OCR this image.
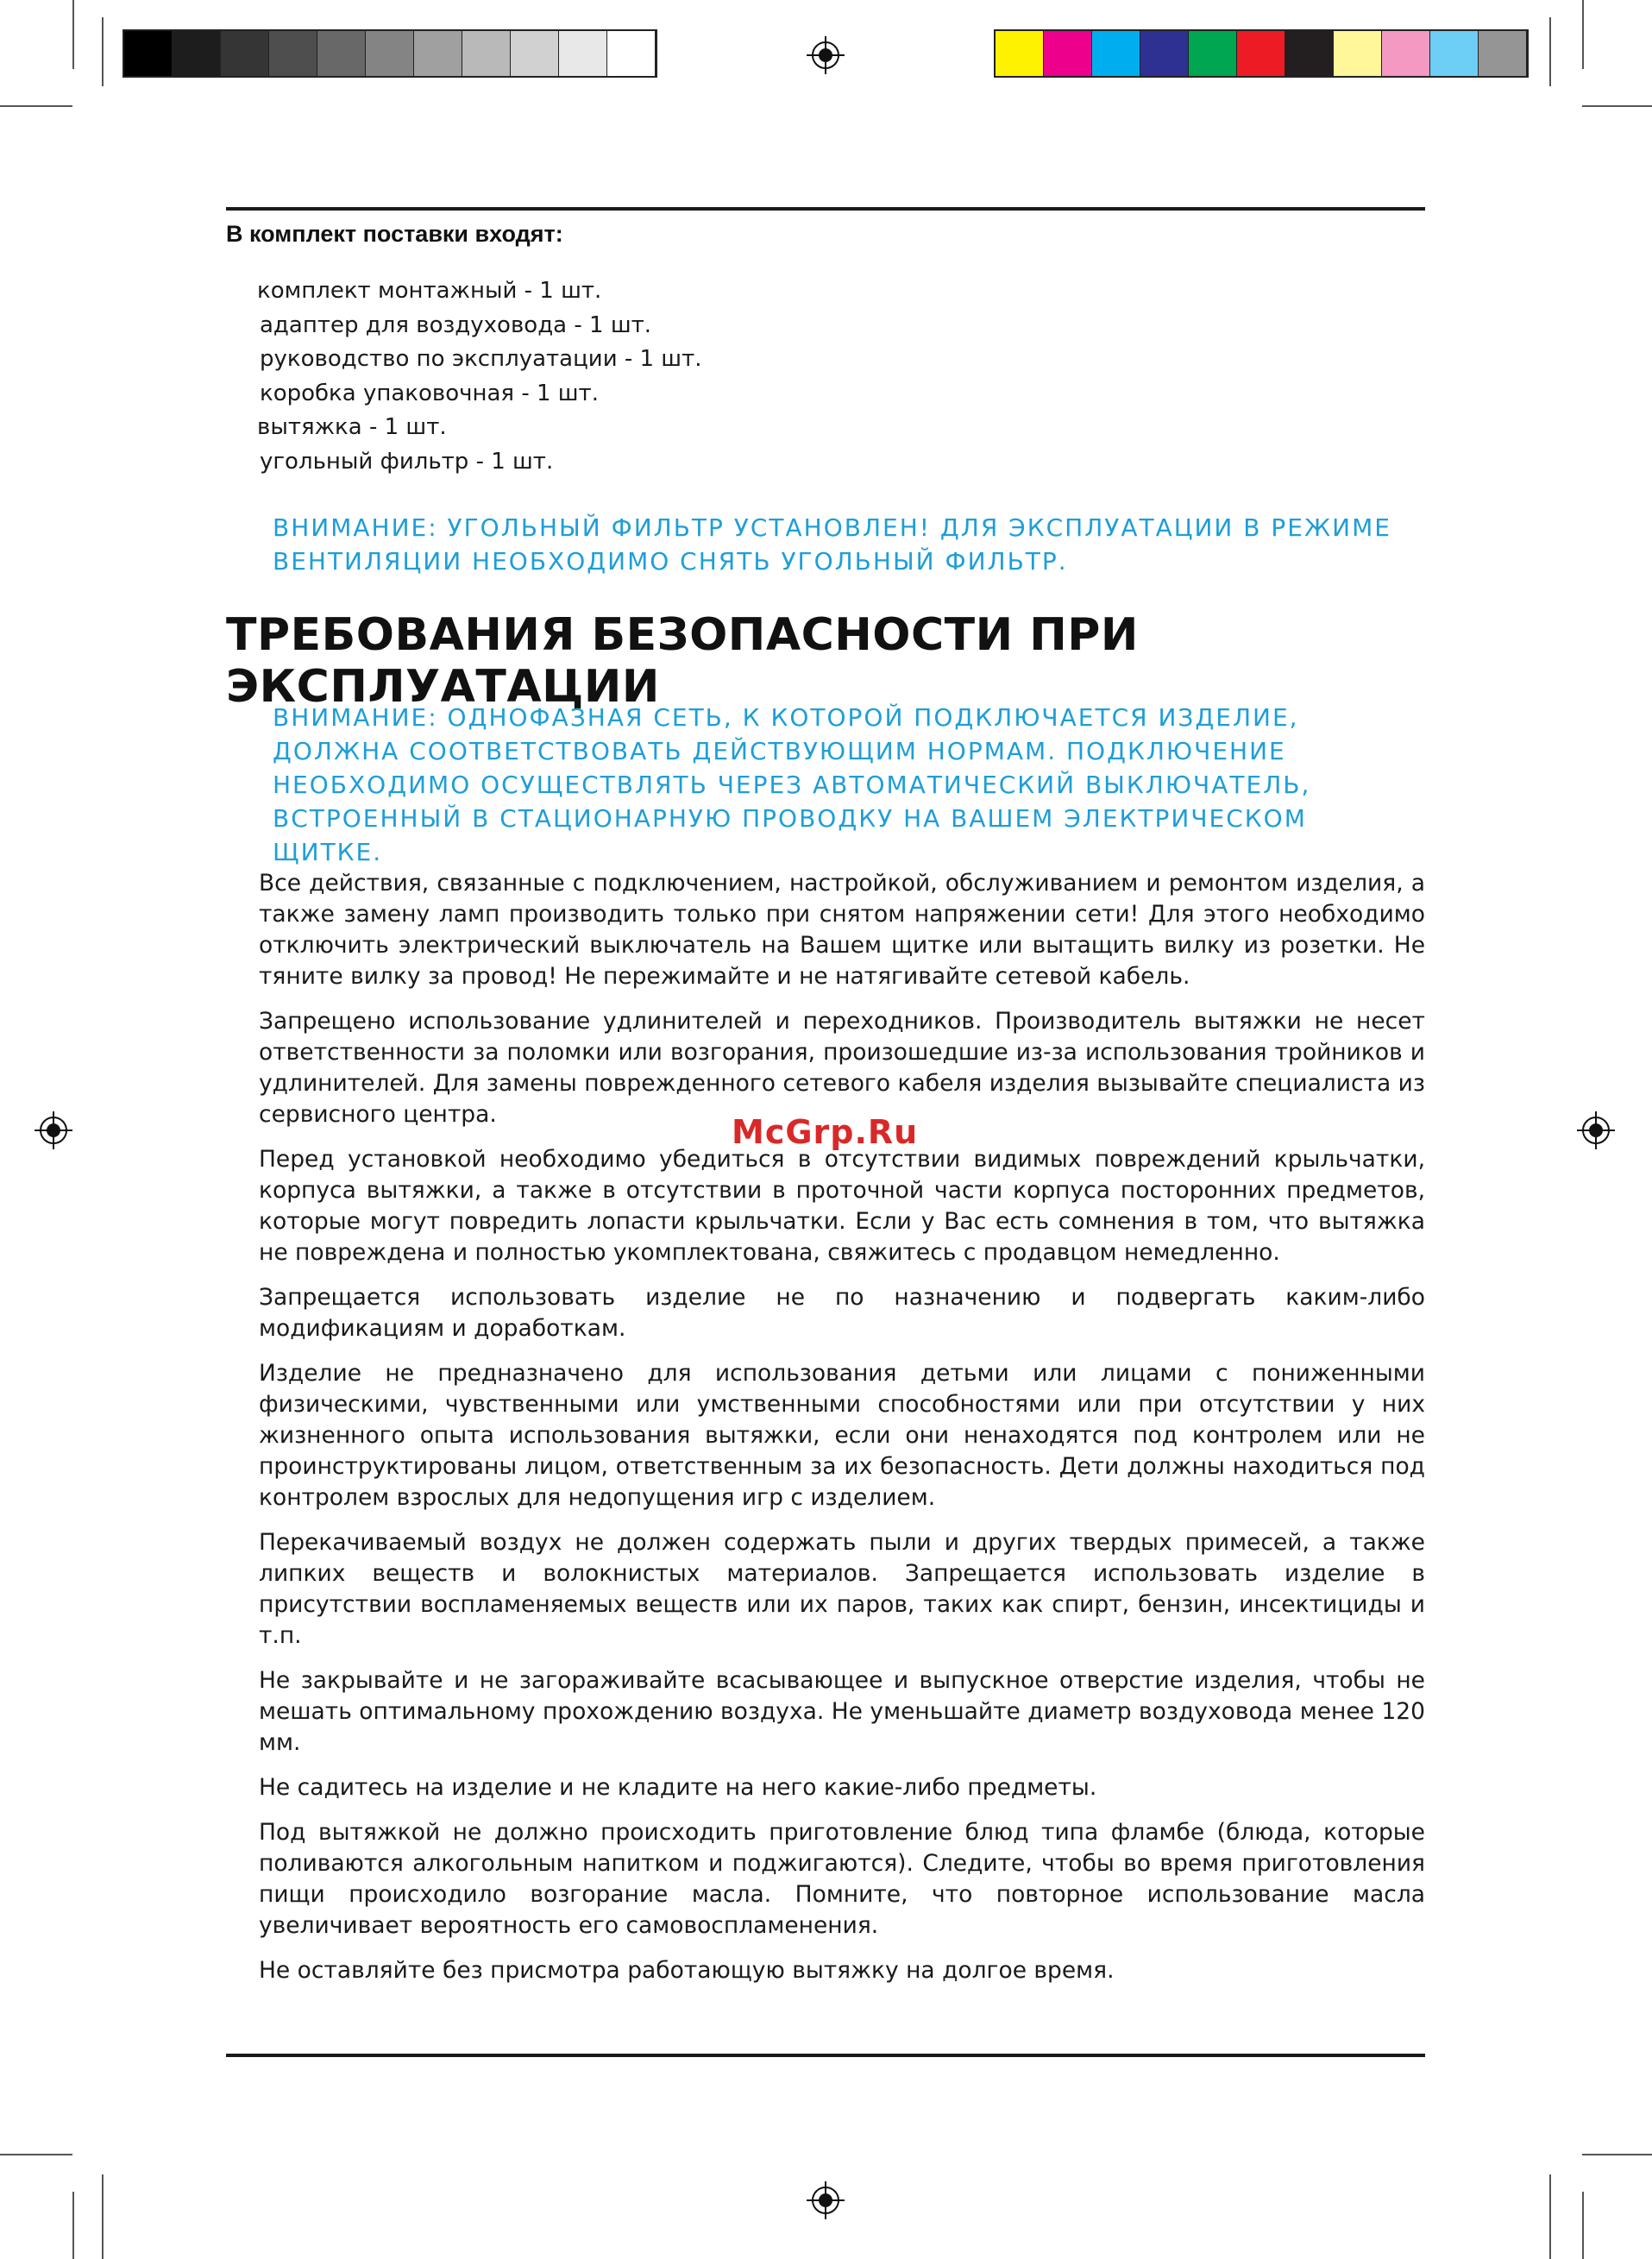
В комплект поставки входят:
комплект монтажный - 1 шт.
адаптер для воздуховода - 1 шт.
руководство по эксплуатации - 1 шт.
коробка упаковочная - 1 шт.
вытяжка - 1 шт.
угольный фильтр - 1 шт.
ВНИМАНИЕ: УГОЛЬНЫЙ ФИЛЬТР УСТАНОВЛЕН! ДЛЯ ЭКСПЛУАТАЦИИ В РЕЖИМЕ ВЕНТИЛЯЦИИ НЕОБХОДИМО СНЯТЬ УГОЛЬНЫЙ ФИЛЬТР.
ТРЕБОВАНИЯ БЕЗОПАСНОСТИ ПРИ ЭКСПЛУАТАЦИИ
ВНИМАНИЕ: ОДНОФАЗНАЯ СЕТЬ, К КОТОРОЙ ПОДКЛЮЧАЕТСЯ ИЗДЕЛИЕ, ДОЛЖНА СООТВЕТСТВОВАТЬ ДЕЙСТВУЮЩИМ НОРМАМ. ПОДКЛЮЧЕНИЕ НЕОБХОДИМО ОСУЩЕСТВЛЯТЬ ЧЕРЕЗ АВТОМАТИЧЕСКИЙ ВЫКЛЮЧАТЕЛЬ, ВСТРОЕННЫЙ В СТАЦИОНАРНУЮ ПРОВОДКУ НА ВАШЕМ ЭЛЕКТРИЧЕСКОМ ЩИТКЕ.

Все действия, связанные с подключением, настройкой, обслуживанием и ремонтом изделия, а также замену ламп производить только при снятом напряжении сети! Для этого необходимо отключить электрический выключатель на Вашем щитке или вытащить вилку из розетки. Не тяните вилку за провод! Не пережимайте и не натягивайте сетевой кабель.

Запрещено использование удлинителей и переходников. Производитель вытяжки не несет ответственности за поломки или возгорания, произошедшие из-за использования тройников и удлинителей. Для замены поврежденного сетевого кабеля изделия вызывайте специалиста из сервисного центра.

Перед установкой необходимо убедиться в отсутствии видимых повреждений крыльчатки, корпуса вытяжки, а также в отсутствии в проточной части корпуса посторонних предметов, которые могут повредить лопасти крыльчатки. Если у Вас есть сомнения в том, что вытяжка не повреждена и полностью укомплектована, свяжитесь с продавцом немедленно.

Запрещается использовать изделие не по назначению и подвергать каким-либо модификациям и доработкам.

Изделие не предназначено для использования детьми или лицами с пониженными физическими, чувственными или умственными способностями или при отсутствии у них жизненного опыта использования вытяжки, если они ненаходятся под контролем или не проинструктированы лицом, ответственным за их безопасность. Дети должны находиться под контролем взрослых для недопущения игр с изделием.

Перекачиваемый воздух не должен содержать пыли и других твердых примесей, а также липких веществ и волокнистых материалов. Запрещается использовать изделие в присутствии воспламеняемых веществ или их паров, таких как спирт, бензин, инсектициды и т.п.

Не закрывайте и не загораживайте всасывающее и выпускное отверстие изделия, чтобы не мешать оптимальному прохождению воздуха. Не уменьшайте диаметр воздуховода менее 120 мм.

Не садитесь на изделие и не кладите на него какие-либо предметы.

Под вытяжкой не должно происходить приготовление блюд типа фламбе (блюда, которые поливаются алкогольным напитком и поджигаются). Следите, чтобы во время приготовления пищи происходило возгорание масла. Помните, что повторное использование масла увеличивает вероятность его самовоспламенения.

Не оставляйте без присмотра работающую вытяжку на долгое время.

McGrp.Ru
